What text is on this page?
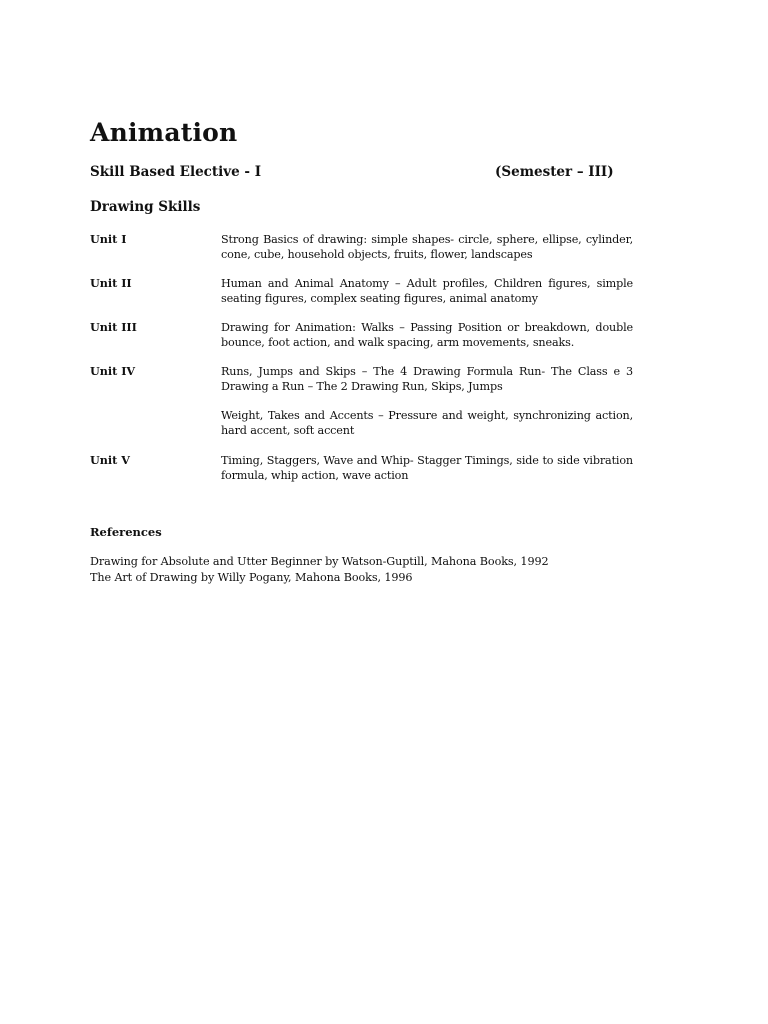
Animation
Skill Based Elective - I	(Semester – III)
Drawing Skills
Unit I	Strong Basics of drawing: simple shapes- circle, sphere, ellipse, cylinder, cone, cube, household objects, fruits, flower, landscapes

Unit II	Human and Animal Anatomy – Adult profiles, Children figures, simple seating figures, complex seating figures, animal anatomy

Unit III	Drawing for Animation: Walks – Passing Position or breakdown, double bounce, foot action, and walk spacing, arm movements, sneaks.

Unit IV	Runs, Jumps and Skips – The 4 Drawing Formula Run- The Class e 3 Drawing a Run – The 2 Drawing Run, Skips, Jumps

Weight, Takes and Accents – Pressure and weight, synchronizing action, hard accent, soft accent

Unit V	Timing, Staggers, Wave and Whip- Stagger Timings, side to side vibration formula, whip action, wave action

References
Drawing for Absolute and Utter Beginner by Watson-Guptill, Mahona Books, 1992
The Art of Drawing by Willy Pogany, Mahona Books, 1996
